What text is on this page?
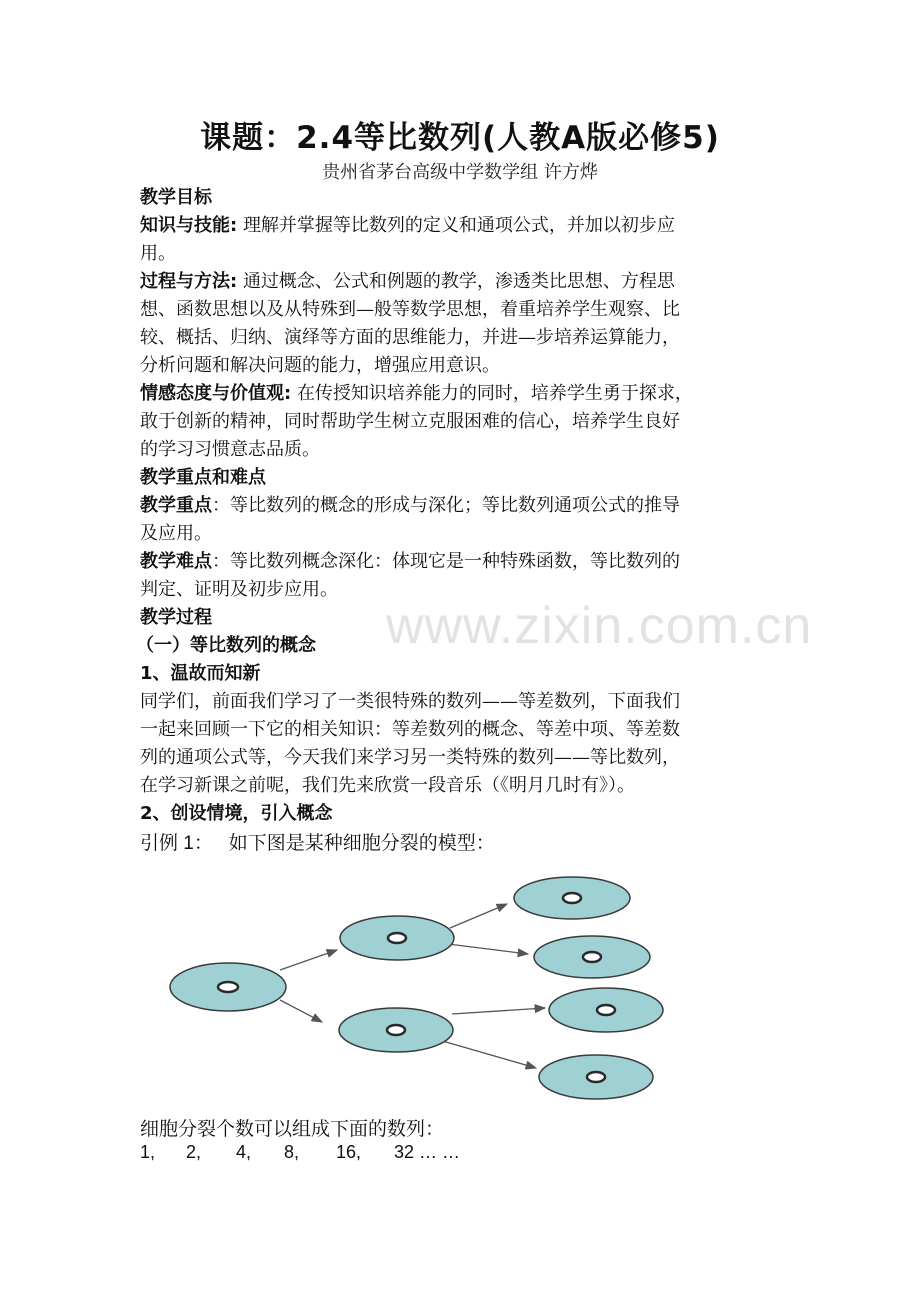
课题：2.4等比数列(人教A版必修5)
贵州省茅台高级中学数学组 许方烨
教学目标
知识与技能: 理解并掌握等比数列的定义和通项公式，并加以初步应
用。
过程与方法: 通过概念、公式和例题的教学，渗透类比思想、方程思
想、函数思想以及从特殊到—般等数学思想，着重培养学生观察、比
较、概括、归纳、演绎等方面的思维能力，并进—步培养运算能力，
分析问题和解决问题的能力，增强应用意识。
情感态度与价值观: 在传授知识培养能力的同时，培养学生勇于探求，
敢于创新的精神，同时帮助学生树立克服困难的信心，培养学生良好
的学习习惯意志品质。
教学重点和难点
教学重点：等比数列的概念的形成与深化；等比数列通项公式的推导
及应用。
教学难点：等比数列概念深化：体现它是一种特殊函数，等比数列的
判定、证明及初步应用。
教学过程
（一）等比数列的概念
1、温故而知新
同学们，前面我们学习了一类很特殊的数列——等差数列，下面我们
一起来回顾一下它的相关知识：等差数列的概念、等差中项、等差数
列的通项公式等，今天我们来学习另一类特殊的数列——等比数列，
在学习新课之前呢，我们先来欣赏一段音乐（《明月几时有》）。
2、创设情境，引入概念
引例 1： 如下图是某种细胞分裂的模型：
www.zixin.com.cn
细胞分裂个数可以组成下面的数列：
1, 2, 4, 8, 16, 32 … …
